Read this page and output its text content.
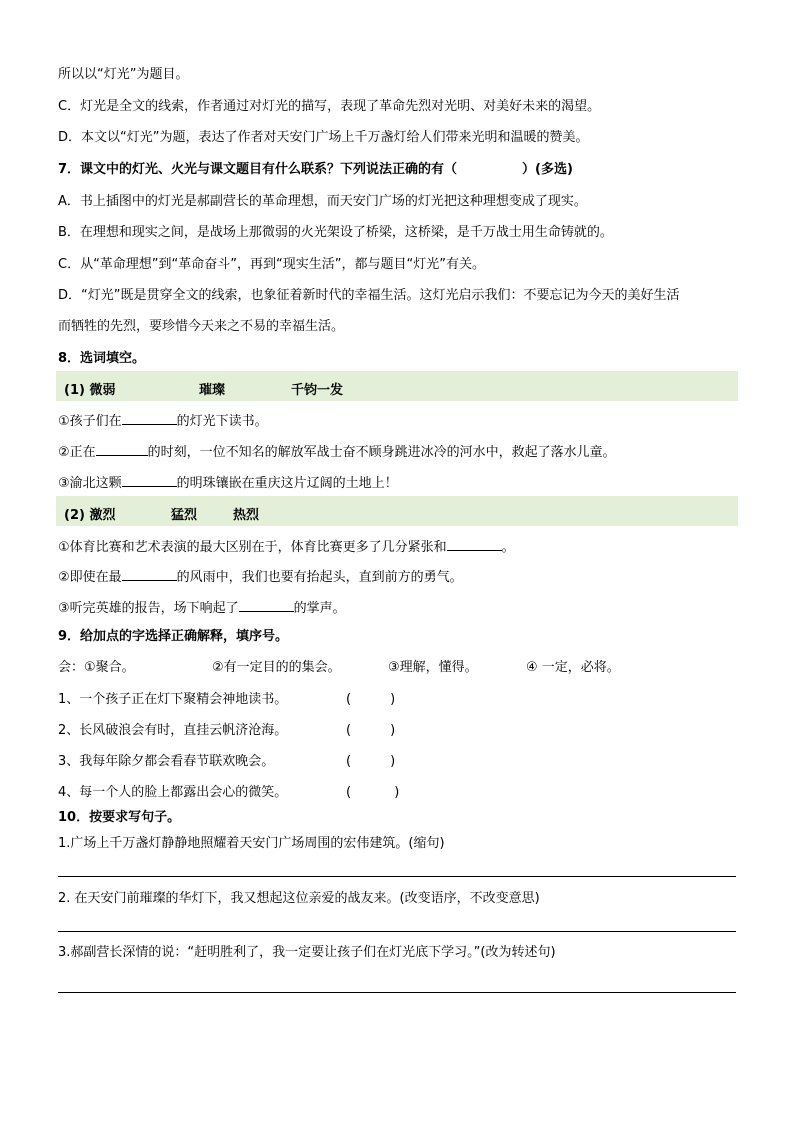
所以以“灯光”为题目。
C．灯光是全文的线索，作者通过对灯光的描写，表现了革命先烈对光明、对美好未来的渴望。
D．本文以“灯光”为题，表达了作者对天安门广场上千万盏灯给人们带来光明和温暖的赞美。
7．课文中的灯光、火光与课文题目有什么联系？下列说法正确的有（　　　　　）(多选)
A．书上插图中的灯光是郝副营长的革命理想，而天安门广场的灯光把这种理想变成了现实。
B．在理想和现实之间，是战场上那微弱的火光架设了桥梁，这桥梁，是千万战士用生命铸就的。
C．从“革命理想”到“革命奋斗”，再到“现实生活”，都与题目“灯光”有关。
D．“灯光”既是贯穿全文的线索，也象征着新时代的幸福生活。这灯光启示我们：不要忘记为今天的美好生活
而牺牲的先烈，要珍惜今天来之不易的幸福生活。
8．选词填空。
(1) 微弱	璀璨	千钧一发
①孩子们在	的灯光下读书。
②正在	的时刻，一位不知名的解放军战士奋不顾身跳进冰冷的河水中，救起了落水儿童。
③渝北这颗	的明珠镶嵌在重庆这片辽阔的土地上！
(2) 激烈	猛烈	热烈
①体育比赛和艺术表演的最大区别在于，体育比赛更多了几分紧张和	。
②即使在最	的风雨中，我们也要有抬起头，直到前方的勇气。
③听完英雄的报告，场下响起了	的掌声。
9．给加点的字选择正确解释，填序号。
会：①聚合。	②有一定目的的集会。	③理解，懂得。	④ 一定，必将。
1、一个孩子正在灯下聚精会神地读书。	(　　　)
2、长风破浪会有时，直挂云帆济沧海。	(　　　)
3、我每年除夕都会看春节联欢晚会。	(　　　)
4、每一个人的脸上都露出会心的微笑。	(　　　 )
10．按要求写句子。
1.广场上千万盏灯静静地照耀着天安门广场周围的宏伟建筑。(缩句)
2. 在天安门前璀璨的华灯下，我又想起这位亲爱的战友来。(改变语序，不改变意思)
3.郝副营长深情的说：“赶明胜利了，我一定要让孩子们在灯光底下学习。”(改为转述句)
